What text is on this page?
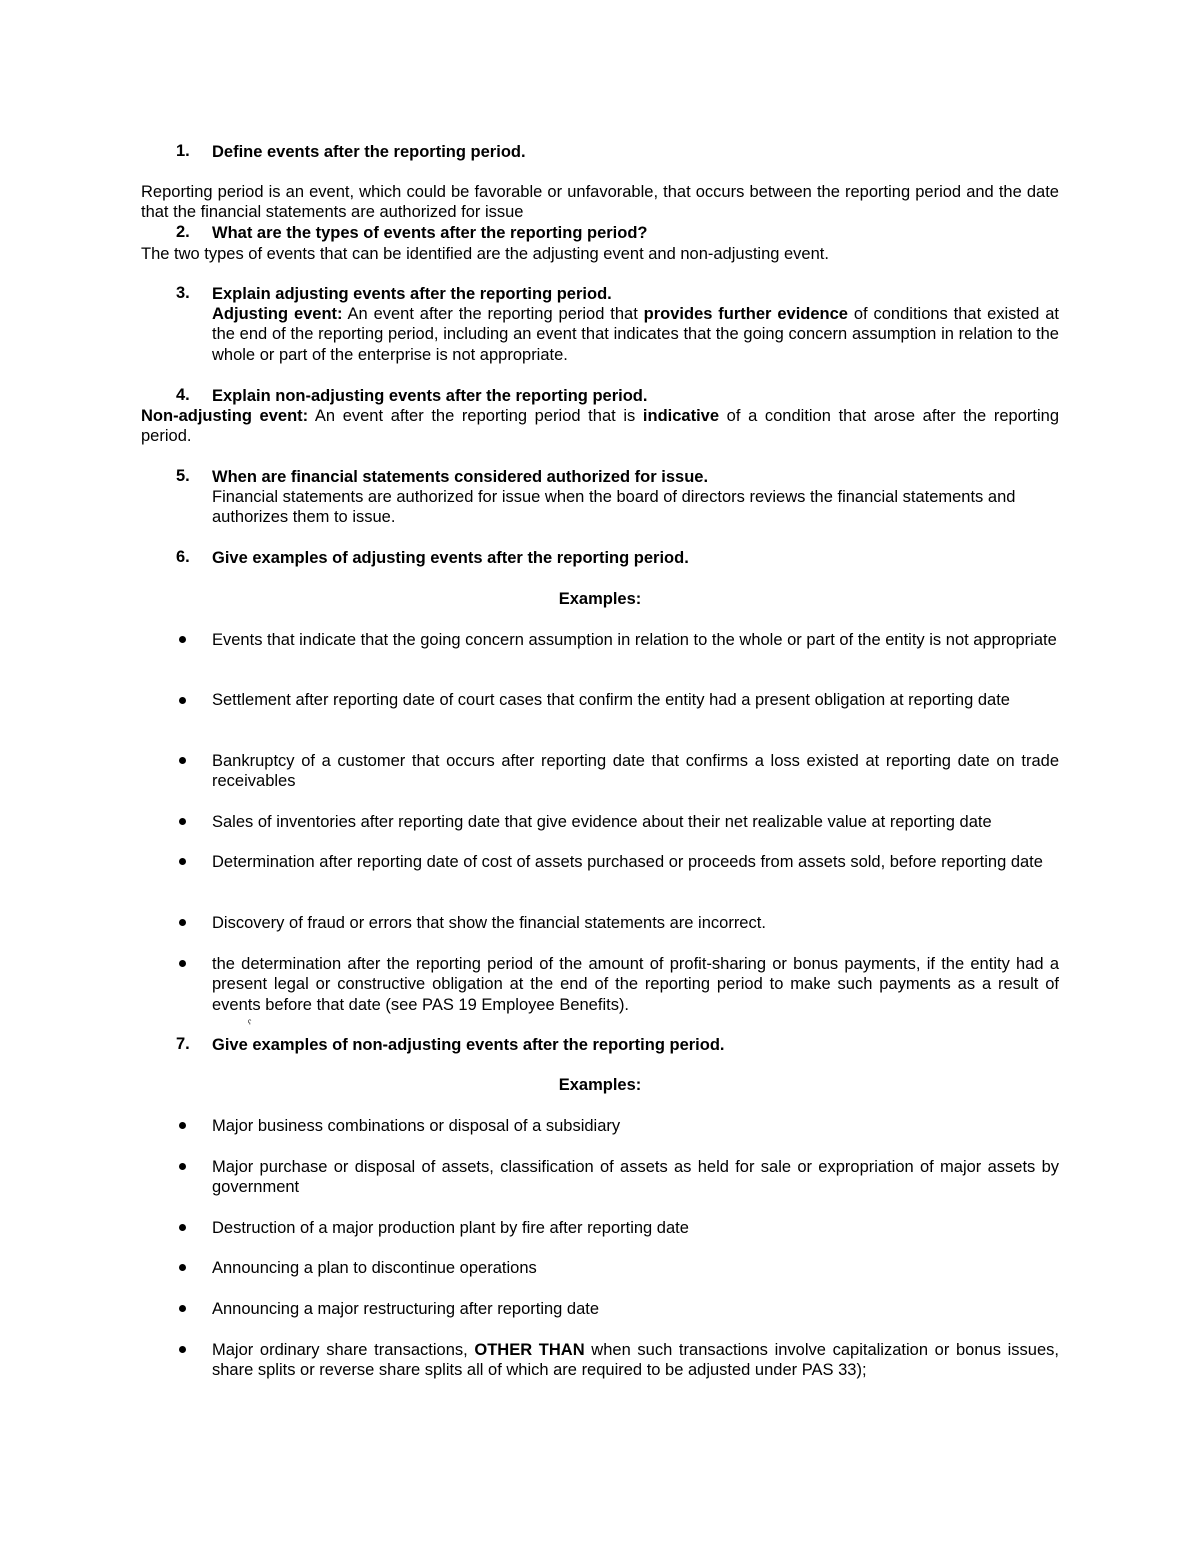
1. Define events after the reporting period.
Reporting period is an event, which could be favorable or unfavorable, that occurs between the reporting period and the date that the financial statements are authorized for issue
2. What are the types of events after the reporting period?
The two types of events that can be identified are the adjusting event and non-adjusting event.
3. Explain adjusting events after the reporting period.
Adjusting event: An event after the reporting period that provides further evidence of conditions that existed at the end of the reporting period, including an event that indicates that the going concern assumption in relation to the whole or part of the enterprise is not appropriate.
4. Explain non-adjusting events after the reporting period.
Non-adjusting event: An event after the reporting period that is indicative of a condition that arose after the reporting period.
5. When are financial statements considered authorized for issue.
Financial statements are authorized for issue when the board of directors reviews the financial statements and authorizes them to issue.
6. Give examples of adjusting events after the reporting period.
Examples:
Events that indicate that the going concern assumption in relation to the whole or part of the entity is not appropriate
Settlement after reporting date of court cases that confirm the entity had a present obligation at reporting date
Bankruptcy of a customer that occurs after reporting date that confirms a loss existed at reporting date on trade receivables
Sales of inventories after reporting date that give evidence about their net realizable value at reporting date
Determination after reporting date of cost of assets purchased or proceeds from assets sold, before reporting date
Discovery of fraud or errors that show the financial statements are incorrect.
the determination after the reporting period of the amount of profit-sharing or bonus payments, if the entity had a present legal or constructive obligation at the end of the reporting period to make such payments as a result of events before that date (see PAS 19 Employee Benefits).
ˁ
7. Give examples of non-adjusting events after the reporting period.
Examples:
Major business combinations or disposal of a subsidiary
Major purchase or disposal of assets, classification of assets as held for sale or expropriation of major assets by government
Destruction of a major production plant by fire after reporting date
Announcing a plan to discontinue operations
Announcing a major restructuring after reporting date
Major ordinary share transactions, OTHER THAN when such transactions involve capitalization or bonus issues, share splits or reverse share splits all of which are required to be adjusted under PAS 33);
